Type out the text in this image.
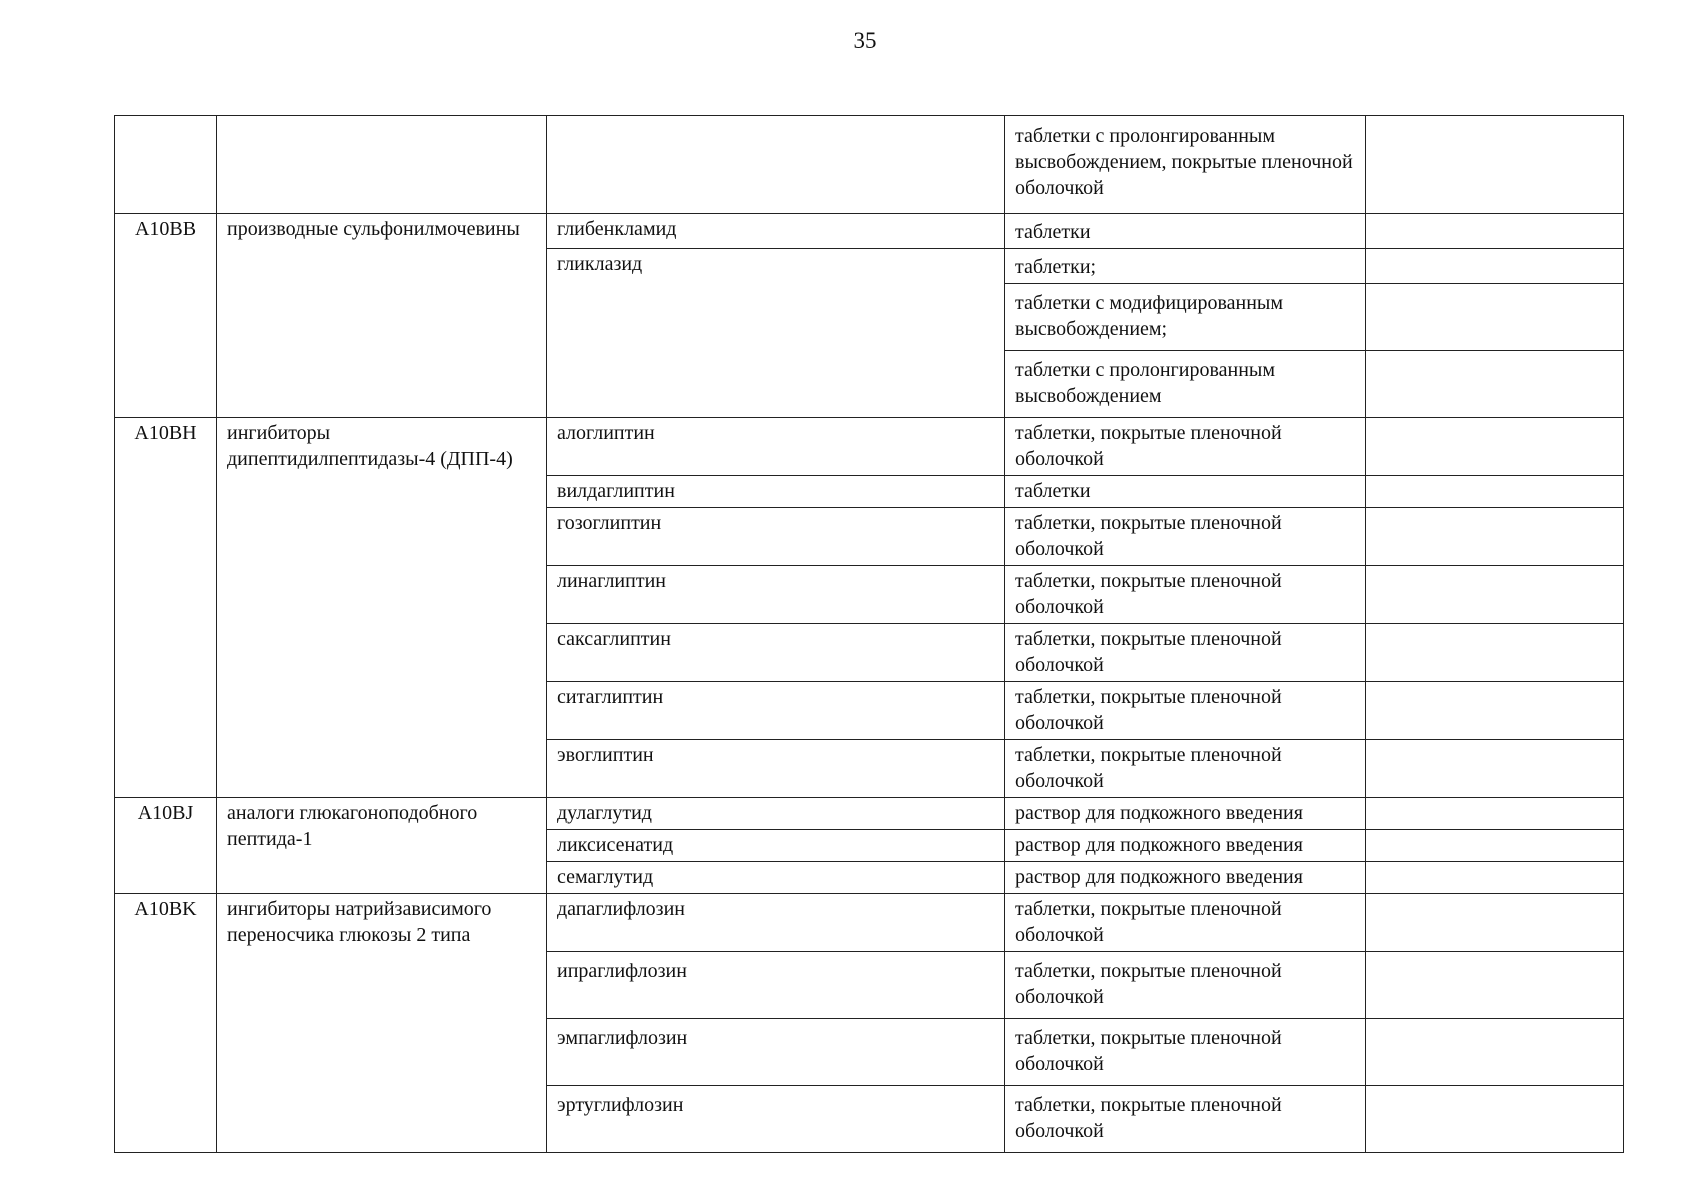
35
			таблетки с пролонгированным высвобождением, покрытые пленочной оболочкой	
A10BB	производные сульфонилмочевины	глибенкламид	таблетки	

		гликлазид	таблетки;	

			таблетки с модифицированным высвобождением;	
			таблетки с пролонгированным высвобождением	
A10BH	ингибиторы дипептидилпептидазы-4 (ДПП-4)	алоглиптин	таблетки, покрытые пленочной оболочкой	
		вилдаглиптин	таблетки	
		гозоглиптин	таблетки, покрытые пленочной оболочкой	
		линаглиптин	таблетки, покрытые пленочной оболочкой	
		саксаглиптин	таблетки, покрытые пленочной оболочкой	
		ситаглиптин	таблетки, покрытые пленочной оболочкой	
		эвоглиптин	таблетки, покрытые пленочной оболочкой	
A10BJ	аналоги глюкагоноподобного пептида-1	дулаглутид	раствор для подкожного введения	
		ликсисенатид	раствор для подкожного введения	
		семаглутид	раствор для подкожного введения	
A10BK	ингибиторы натрийзависимого переносчика глюкозы 2 типа	дапаглифлозин	таблетки, покрытые пленочной оболочкой	
		ипраглифлозин	таблетки, покрытые пленочной оболочкой	
		эмпаглифлозин	таблетки, покрытые пленочной оболочкой	
		эртуглифлозин	таблетки, покрытые пленочной оболочкой	
